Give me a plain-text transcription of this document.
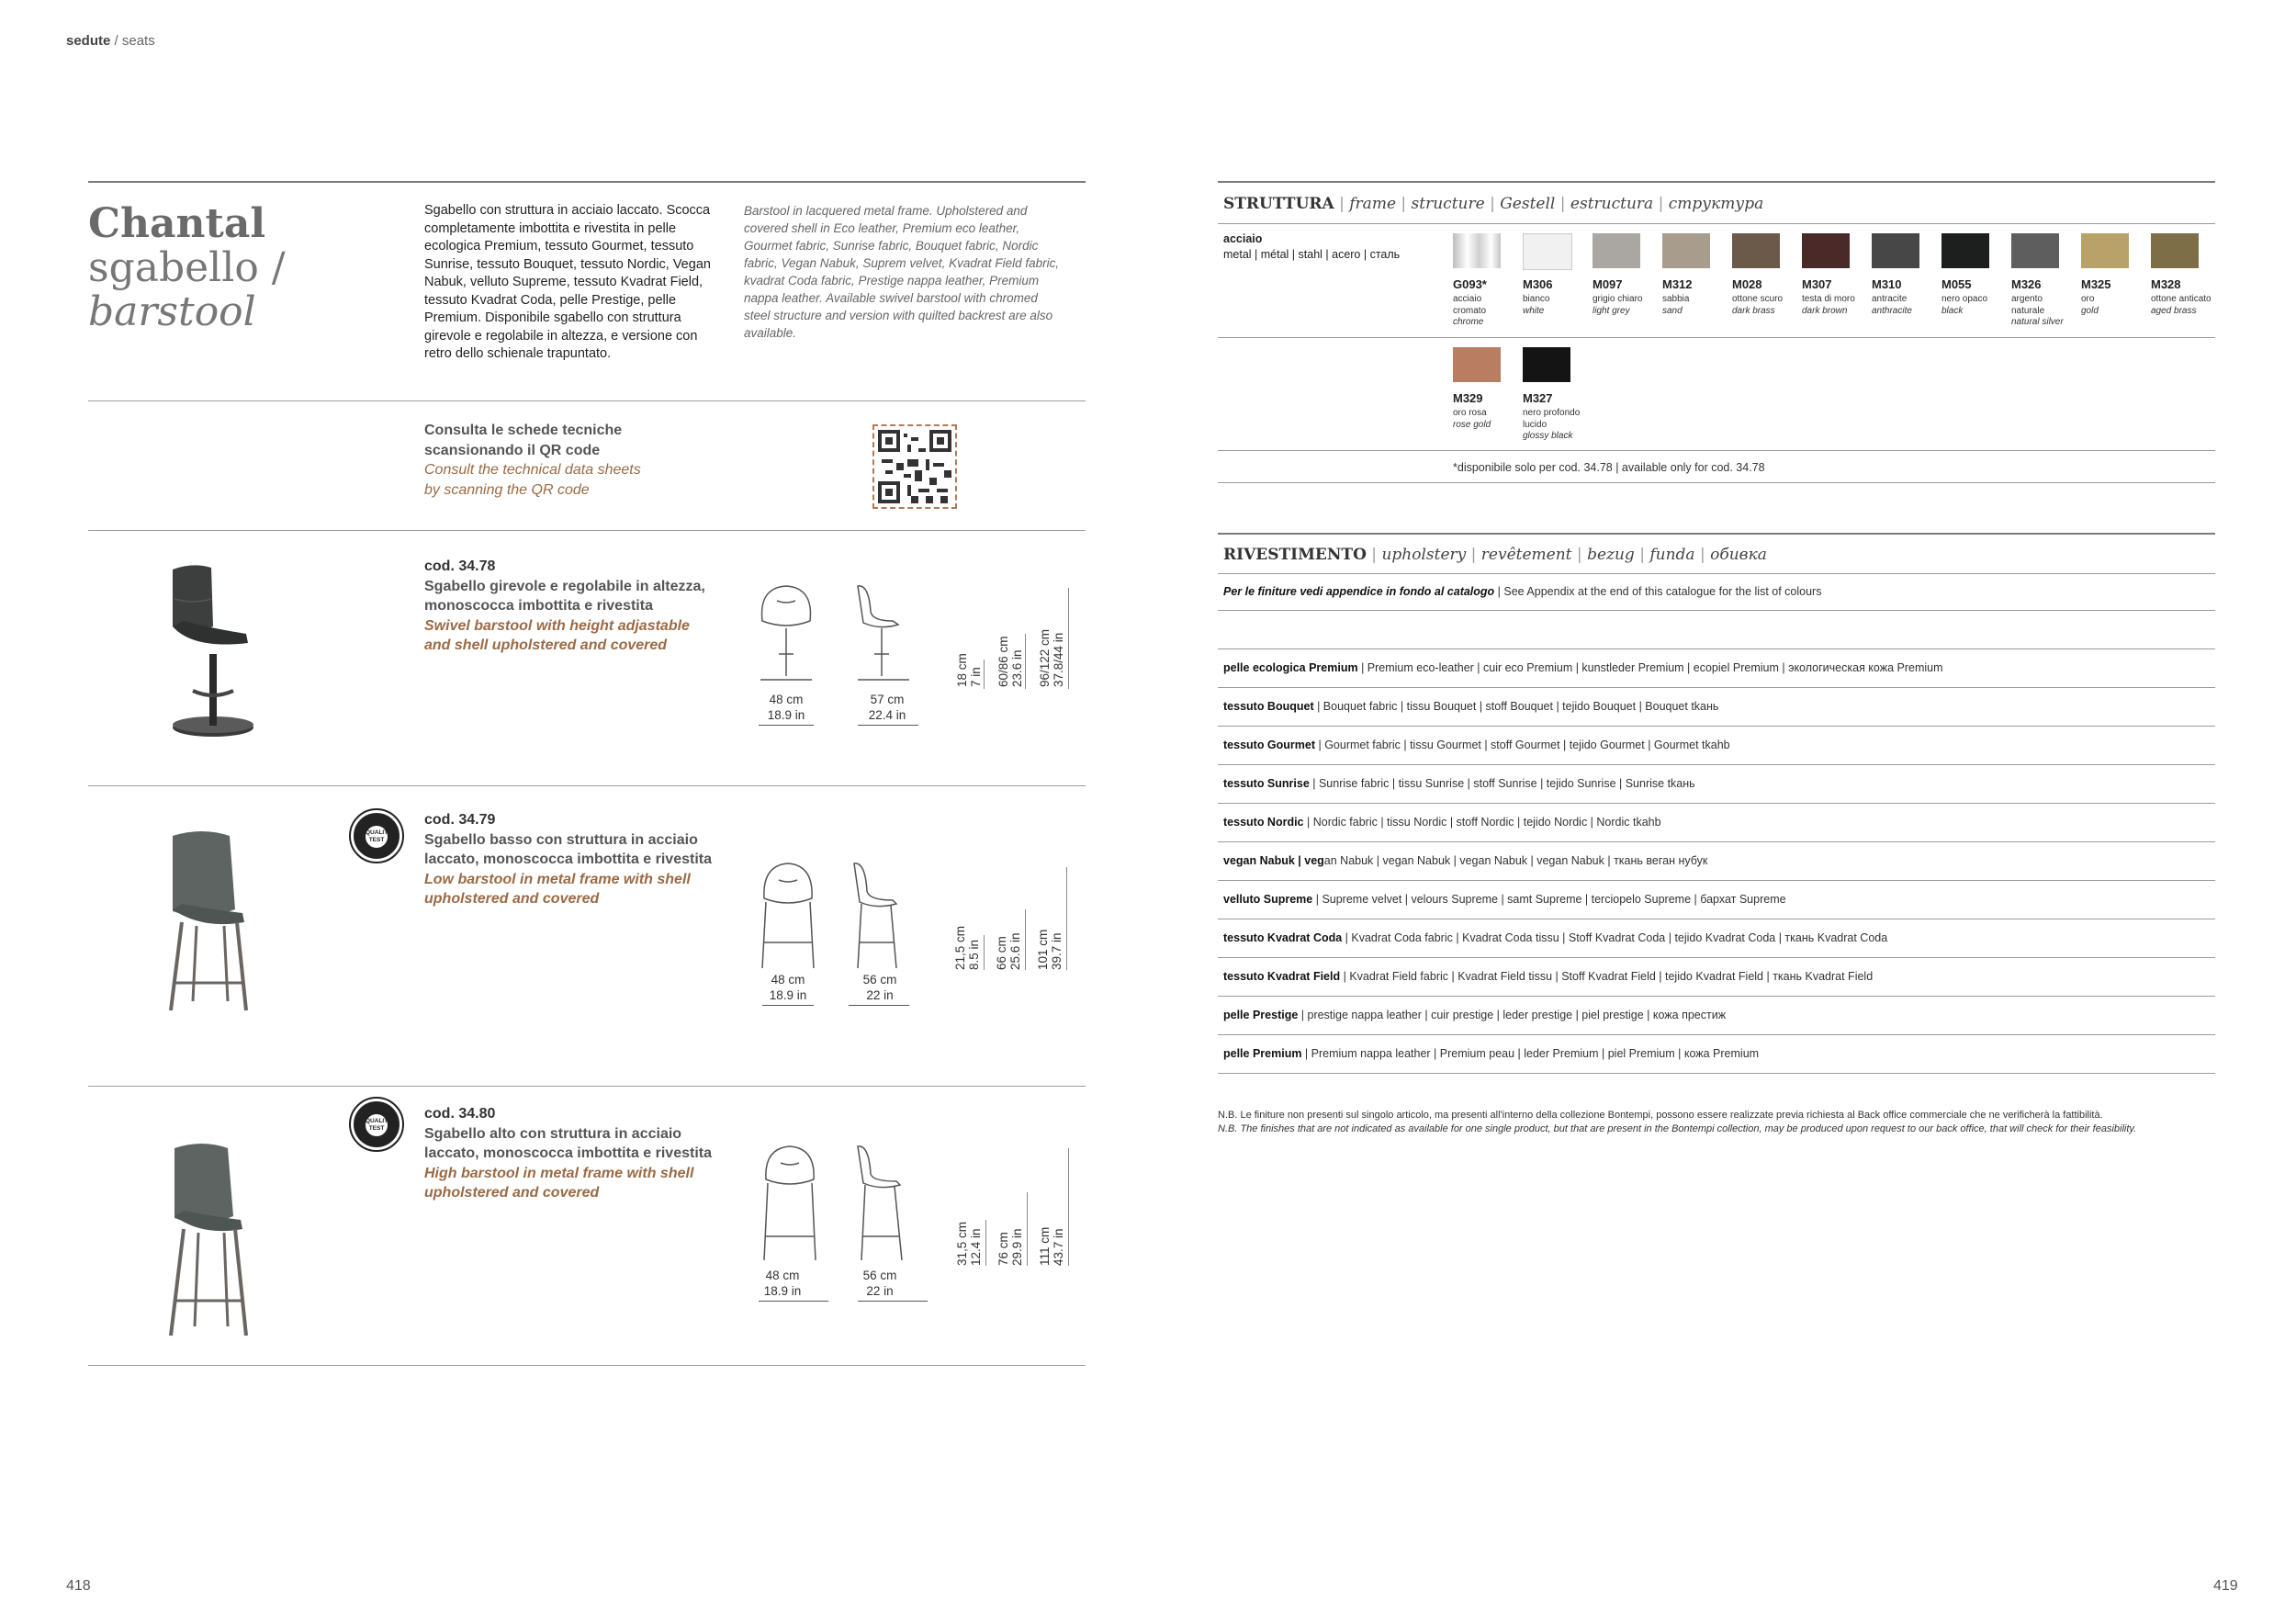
sedute / seats
Chantal
sgabello /
barstool
Sgabello con struttura in acciaio laccato. Scocca completamente imbottita e rivestita in pelle ecologica Premium, tessuto Gourmet, tessuto Sunrise, tessuto Bouquet, tessuto Nordic, Vegan Nabuk, velluto Supreme, tessuto Kvadrat Field, tessuto Kvadrat Coda, pelle Prestige, pelle Premium. Disponibile sgabello con struttura girevole e regolabile in altezza, e versione con retro dello schienale trapuntato.
Barstool in lacquered metal frame. Upholstered and covered shell in Eco leather, Premium eco leather, Gourmet fabric, Sunrise fabric, Bouquet fabric, Nordic fabric, Vegan Nabuk, Suprem velvet, Kvadrat Field fabric, kvadrat Coda fabric, Prestige nappa leather, Premium nappa leather. Available swivel barstool with chromed steel structure and version with quilted backrest are also available.
Consulta le schede tecniche
scansionando il QR code
Consult the technical data sheets
by scanning the QR code
cod. 34.78
Sgabello girevole e regolabile in altezza, monoscocca imbottita e rivestita
Swivel barstool with height adjastable and shell upholstered and covered
48 cm
18.9 in
57 cm
22.4 in
18 cm 7 in 60/86 cm 23.6 in 96/122 cm 37.8/44 in
QUALITY TEST
cod. 34.79
Sgabello basso con struttura in acciaio laccato, monoscocca imbottita e rivestita
Low barstool in metal frame with shell upholstered and covered
48 cm
18.9 in
56 cm
22 in
21,5 cm 8.5 in 66 cm 25.6 in 101 cm 39.7 in
QUALITY TEST
cod. 34.80
Sgabello alto con struttura in acciaio laccato, monoscocca imbottita e rivestita
High barstool in metal frame with shell upholstered and covered
48 cm
18.9 in
56 cm
22 in
31,5 cm 12.4 in 76 cm 29.9 in 111 cm 43.7 in
418
STRUTTURA | frame | structure | Gestell | estructura | структура
acciaio
metal | métal | stahl | acero | сталь
G093*
acciaio cromato
chrome
M306
bianco
white
M097
grigio chiaro
light grey
M312
sabbia
sand
M028
ottone scuro
dark brass
M307
testa di moro
dark brown
M310
antracite
anthracite
M055
nero opaco
black
M326
argento naturale
natural silver
M325
oro
gold
M328
ottone anticato
aged brass
M329
oro rosa
rose gold
M327
nero profondo lucido
glossy black
*disponibile solo per cod. 34.78 | available only for cod. 34.78
RIVESTIMENTO | upholstery | revêtement | bezug | funda | обивка
Per le finiture vedi appendice in fondo al catalogo | See Appendix at the end of this catalogue for the list of colours
pelle ecologica Premium | Premium eco-leather | cuir eco Premium | kunstleder Premium | ecopiel Premium | экологическая кожа Premium
tessuto Bouquet | Bouquet fabric | tissu Bouquet | stoff Bouquet | tejido Bouquet | Bouquet tkaнь
tessuto Gourmet | Gourmet fabric | tissu Gourmet | stoff Gourmet | tejido Gourmet | Gourmet tkahb
tessuto Sunrise | Sunrise fabric | tissu Sunrise | stoff Sunrise | tejido Sunrise | Sunrise tkaнь
tessuto Nordic | Nordic fabric | tissu Nordic | stoff Nordic | tejido Nordic | Nordic tkahb
vegan Nabuk | vegan Nabuk | vegan Nabuk | vegan Nabuk | vegan Nabuk | ткань веган нубук
velluto Supreme | Supreme velvet | velours Supreme | samt Supreme | terciopelo Supreme | бархат Supreme
tessuto Kvadrat Coda | Kvadrat Coda fabric | Kvadrat Coda tissu | Stoff Kvadrat Coda | tejido Kvadrat Coda | ткань Kvadrat Coda
tessuto Kvadrat Field | Kvadrat Field fabric | Kvadrat Field tissu | Stoff Kvadrat Field | tejido Kvadrat Field | ткань Kvadrat Field
pelle Prestige | prestige nappa leather | cuir prestige | leder prestige | piel prestige | кожа престиж
pelle Premium | Premium nappa leather | Premium peau | leder Premium | piel Premium | кожа Premium
N.B. Le finiture non presenti sul singolo articolo, ma presenti all'interno della collezione Bontempi, possono essere realizzate previa richiesta al Back office commerciale che ne verificherà la fattibilità.
N.B. The finishes that are not indicated as available for one single product, but that are present in the Bontempi collection, may be produced upon request to our back office, that will check for their feasibility.
419
